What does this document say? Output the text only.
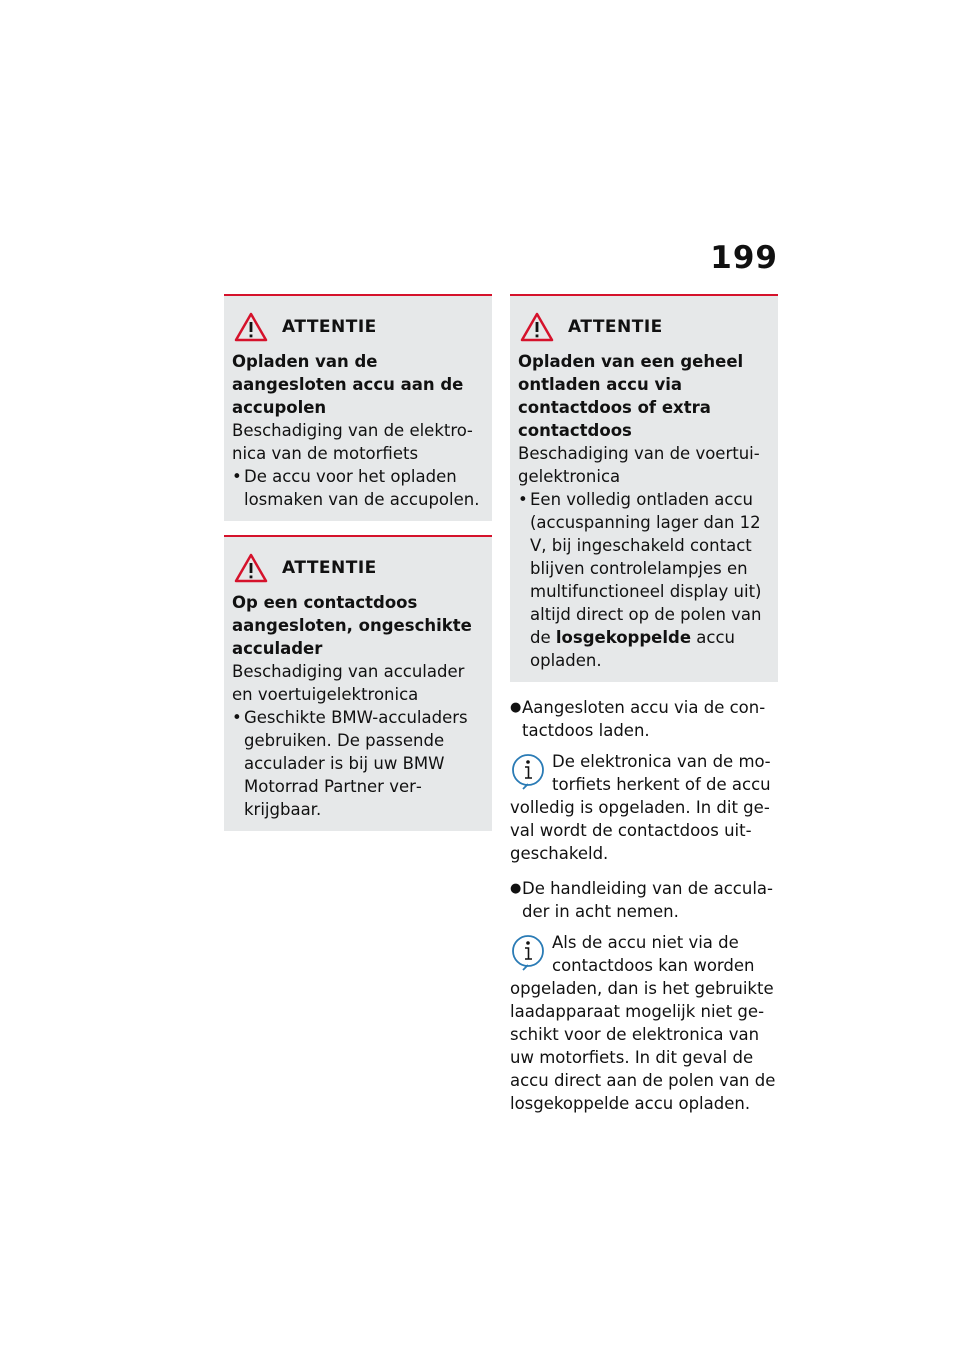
199
ATTENTIE
Opladen van de aangesloten accu aan de accupolen
Beschadiging van de elektronica van de motorfiets
• De accu voor het opladen losmaken van de accupolen.
ATTENTIE
Op een contactdoos aangesloten, ongeschikte acculader
Beschadiging van acculader en voertuigelektronica
• Geschikte BMW-acculaders gebruiken. De passende acculader is bij uw BMW Motorrad Partner verkrijgbaar.
ATTENTIE
Opladen van een geheel ontladen accu via contactdoos of extra contactdoos
Beschadiging van de voertuigelektronica
• Een volledig ontladen accu (accuspanning lager dan 12 V, bij ingeschakeld contact blijven controlelampjes en multifunctioneel display uit) altijd direct op de polen van de losgekoppelde accu opladen.
● Aangesloten accu via de contactdoos laden.
De elektronica van de motorfiets herkent of de accu volledig is opgeladen. In dit geval wordt de contactdoos uitgeschakeld.
● De handleiding van de acculader in acht nemen.
Als de accu niet via de contactdoos kan worden opgeladen, dan is het gebruikte laadapparaat mogelijk niet geschikt voor de elektronica van uw motorfiets. In dit geval de accu direct aan de polen van de losgekoppelde accu opladen.
